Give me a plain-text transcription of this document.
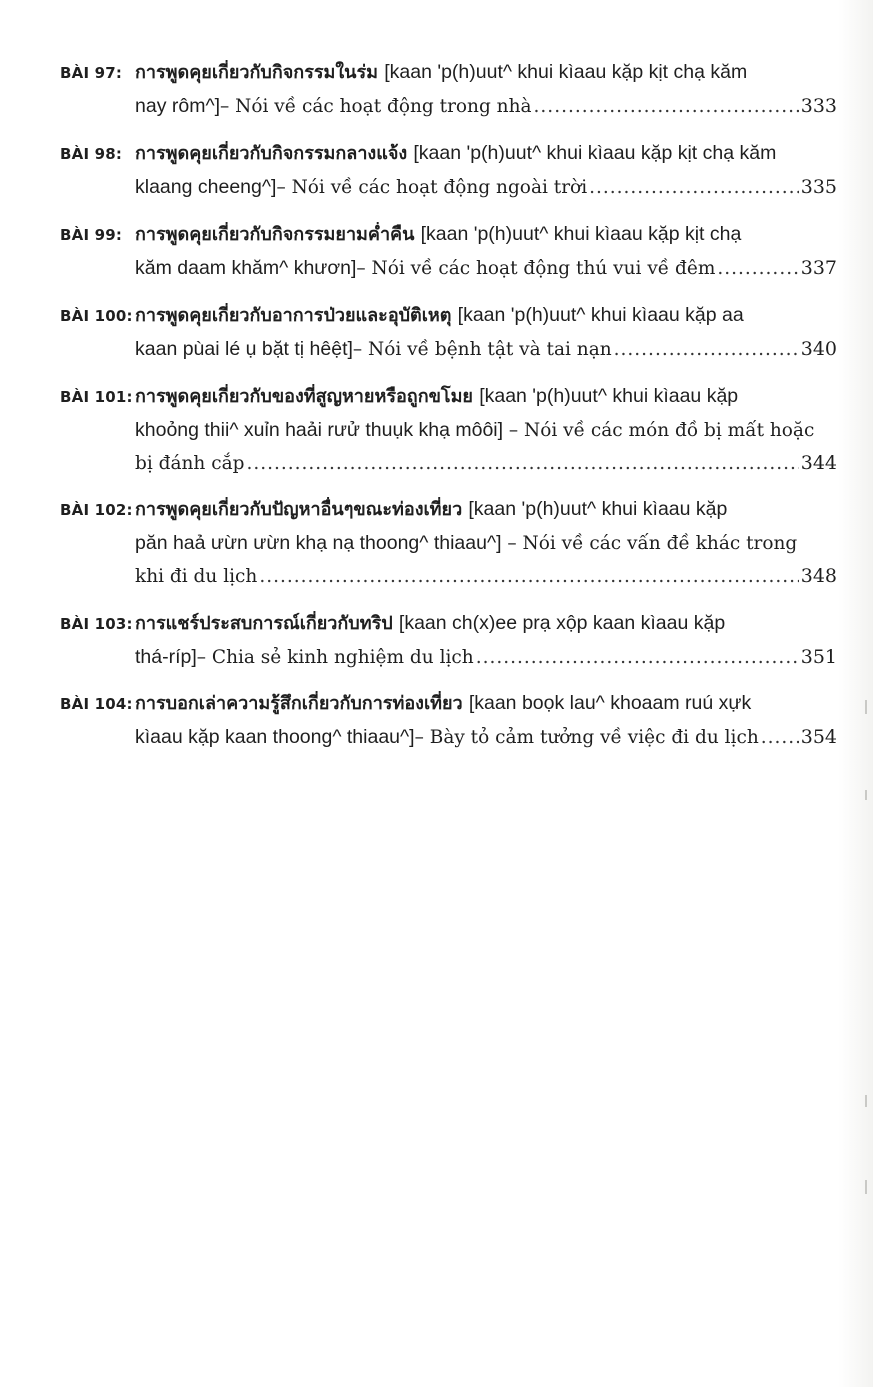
BÀI 97: การพูดคุยเกี่ยวกับกิจกรรมในร่ม [kaan 'p(h)uut^ khui kìaau kặp kịt chạ kăm
nay rôm^] – Nói về các hoạt động trong nhà .....	333
BÀI 98: การพูดคุยเกี่ยวกับกิจกรรมกลางแจ้ง [kaan 'p(h)uut^ khui kìaau kặp kịt chạ kăm
klaang cheeng^] – Nói về các hoạt động ngoài trời .....	335
BÀI 99: การพูดคุยเกี่ยวกับกิจกรรมยามค่ำคืน [kaan 'p(h)uut^ khui kìaau kặp kịt chạ
kăm daam khăm^ khươn] – Nói về các hoạt động thú vui về đêm .....	337
BÀI 100: การพูดคุยเกี่ยวกับอาการป่วยและอุบัติเหตุ [kaan 'p(h)uut^ khui kìaau kặp aa
kaan pùai lé ụ bặt tị hêệt] – Nói về bệnh tật và tai nạn .....	340
BÀI 101: การพูดคุยเกี่ยวกับของที่สูญหายหรือถูกขโมย [kaan 'p(h)uut^ khui kìaau kặp
khoỏng thii^ xuỉn haải rưử thuụk khạ môôi] – Nói về các món đồ bị mất hoặc
bị đánh cắp .....	344
BÀI 102: การพูดคุยเกี่ยวกับปัญหาอื่นๆขณะท่องเที่ยว [kaan 'p(h)uut^ khui kìaau kặp
păn haả ưừn ưừn khạ nạ thoong^ thiaau^] – Nói về các vấn đề khác trong
khi đi du lịch .....	348
BÀI 103: การแชร์ประสบการณ์เกี่ยวกับทริป [kaan ch(x)ee prạ xộp kaan kìaau kặp
thá-ríp] – Chia sẻ kinh nghiệm du lịch .....	351
BÀI 104: การบอกเล่าความรู้สึกเกี่ยวกับการท่องเที่ยว [kaan boọk lau^ khoaam ruú xựk
kìaau kặp kaan thoong^ thiaau^] – Bày tỏ cảm tưởng về việc đi du lịch ..... 354
